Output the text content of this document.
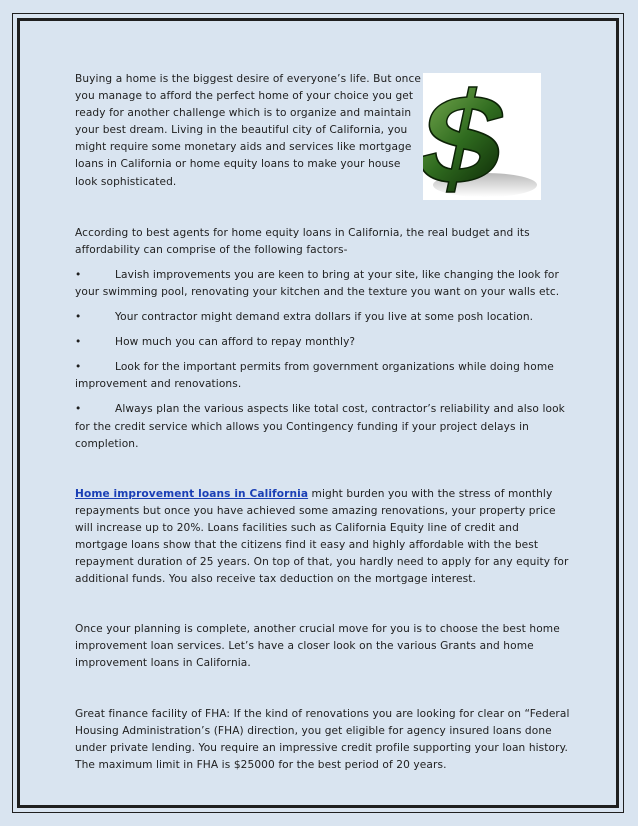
Buying a home is the biggest desire of everyone’s life. But once you manage to afford the perfect home of your choice you get ready for another challenge which is to organize and maintain your best dream. Living in the beautiful city of California, you might require some monetary aids and services like mortgage loans in California or home equity loans to make your house look sophisticated.

According to best agents for home equity loans in California, the real budget and its affordability can comprise of the following factors-

•	Lavish improvements you are keen to bring at your site, like changing the look for your swimming pool, renovating your kitchen and the texture you want on your walls etc.

•	Your contractor might demand extra dollars if you live at some posh location.

•	How much you can afford to repay monthly?

•	Look for the important permits from government organizations while doing home improvement and renovations.

•	Always plan the various aspects like total cost, contractor’s reliability and also look for the credit service which allows you Contingency funding if your project delays in completion.

Home improvement loans in California might burden you with the stress of monthly repayments but once you have achieved some amazing renovations, your property price will increase up to 20%. Loans facilities such as California Equity line of credit and mortgage loans show that the citizens find it easy and highly affordable with the best repayment duration of 25 years. On top of that, you hardly need to apply for any equity for additional funds. You also receive tax deduction on the mortgage interest.

Once your planning is complete, another crucial move for you is to choose the best home improvement loan services. Let’s have a closer look on the various Grants and home improvement loans in California.

Great finance facility of FHA: If the kind of renovations you are looking for clear on “Federal Housing Administration’s (FHA) direction, you get eligible for agency insured loans done under private lending. You require an impressive credit profile supporting your loan history. The maximum limit in FHA is $25000 for the best period of 20 years.
